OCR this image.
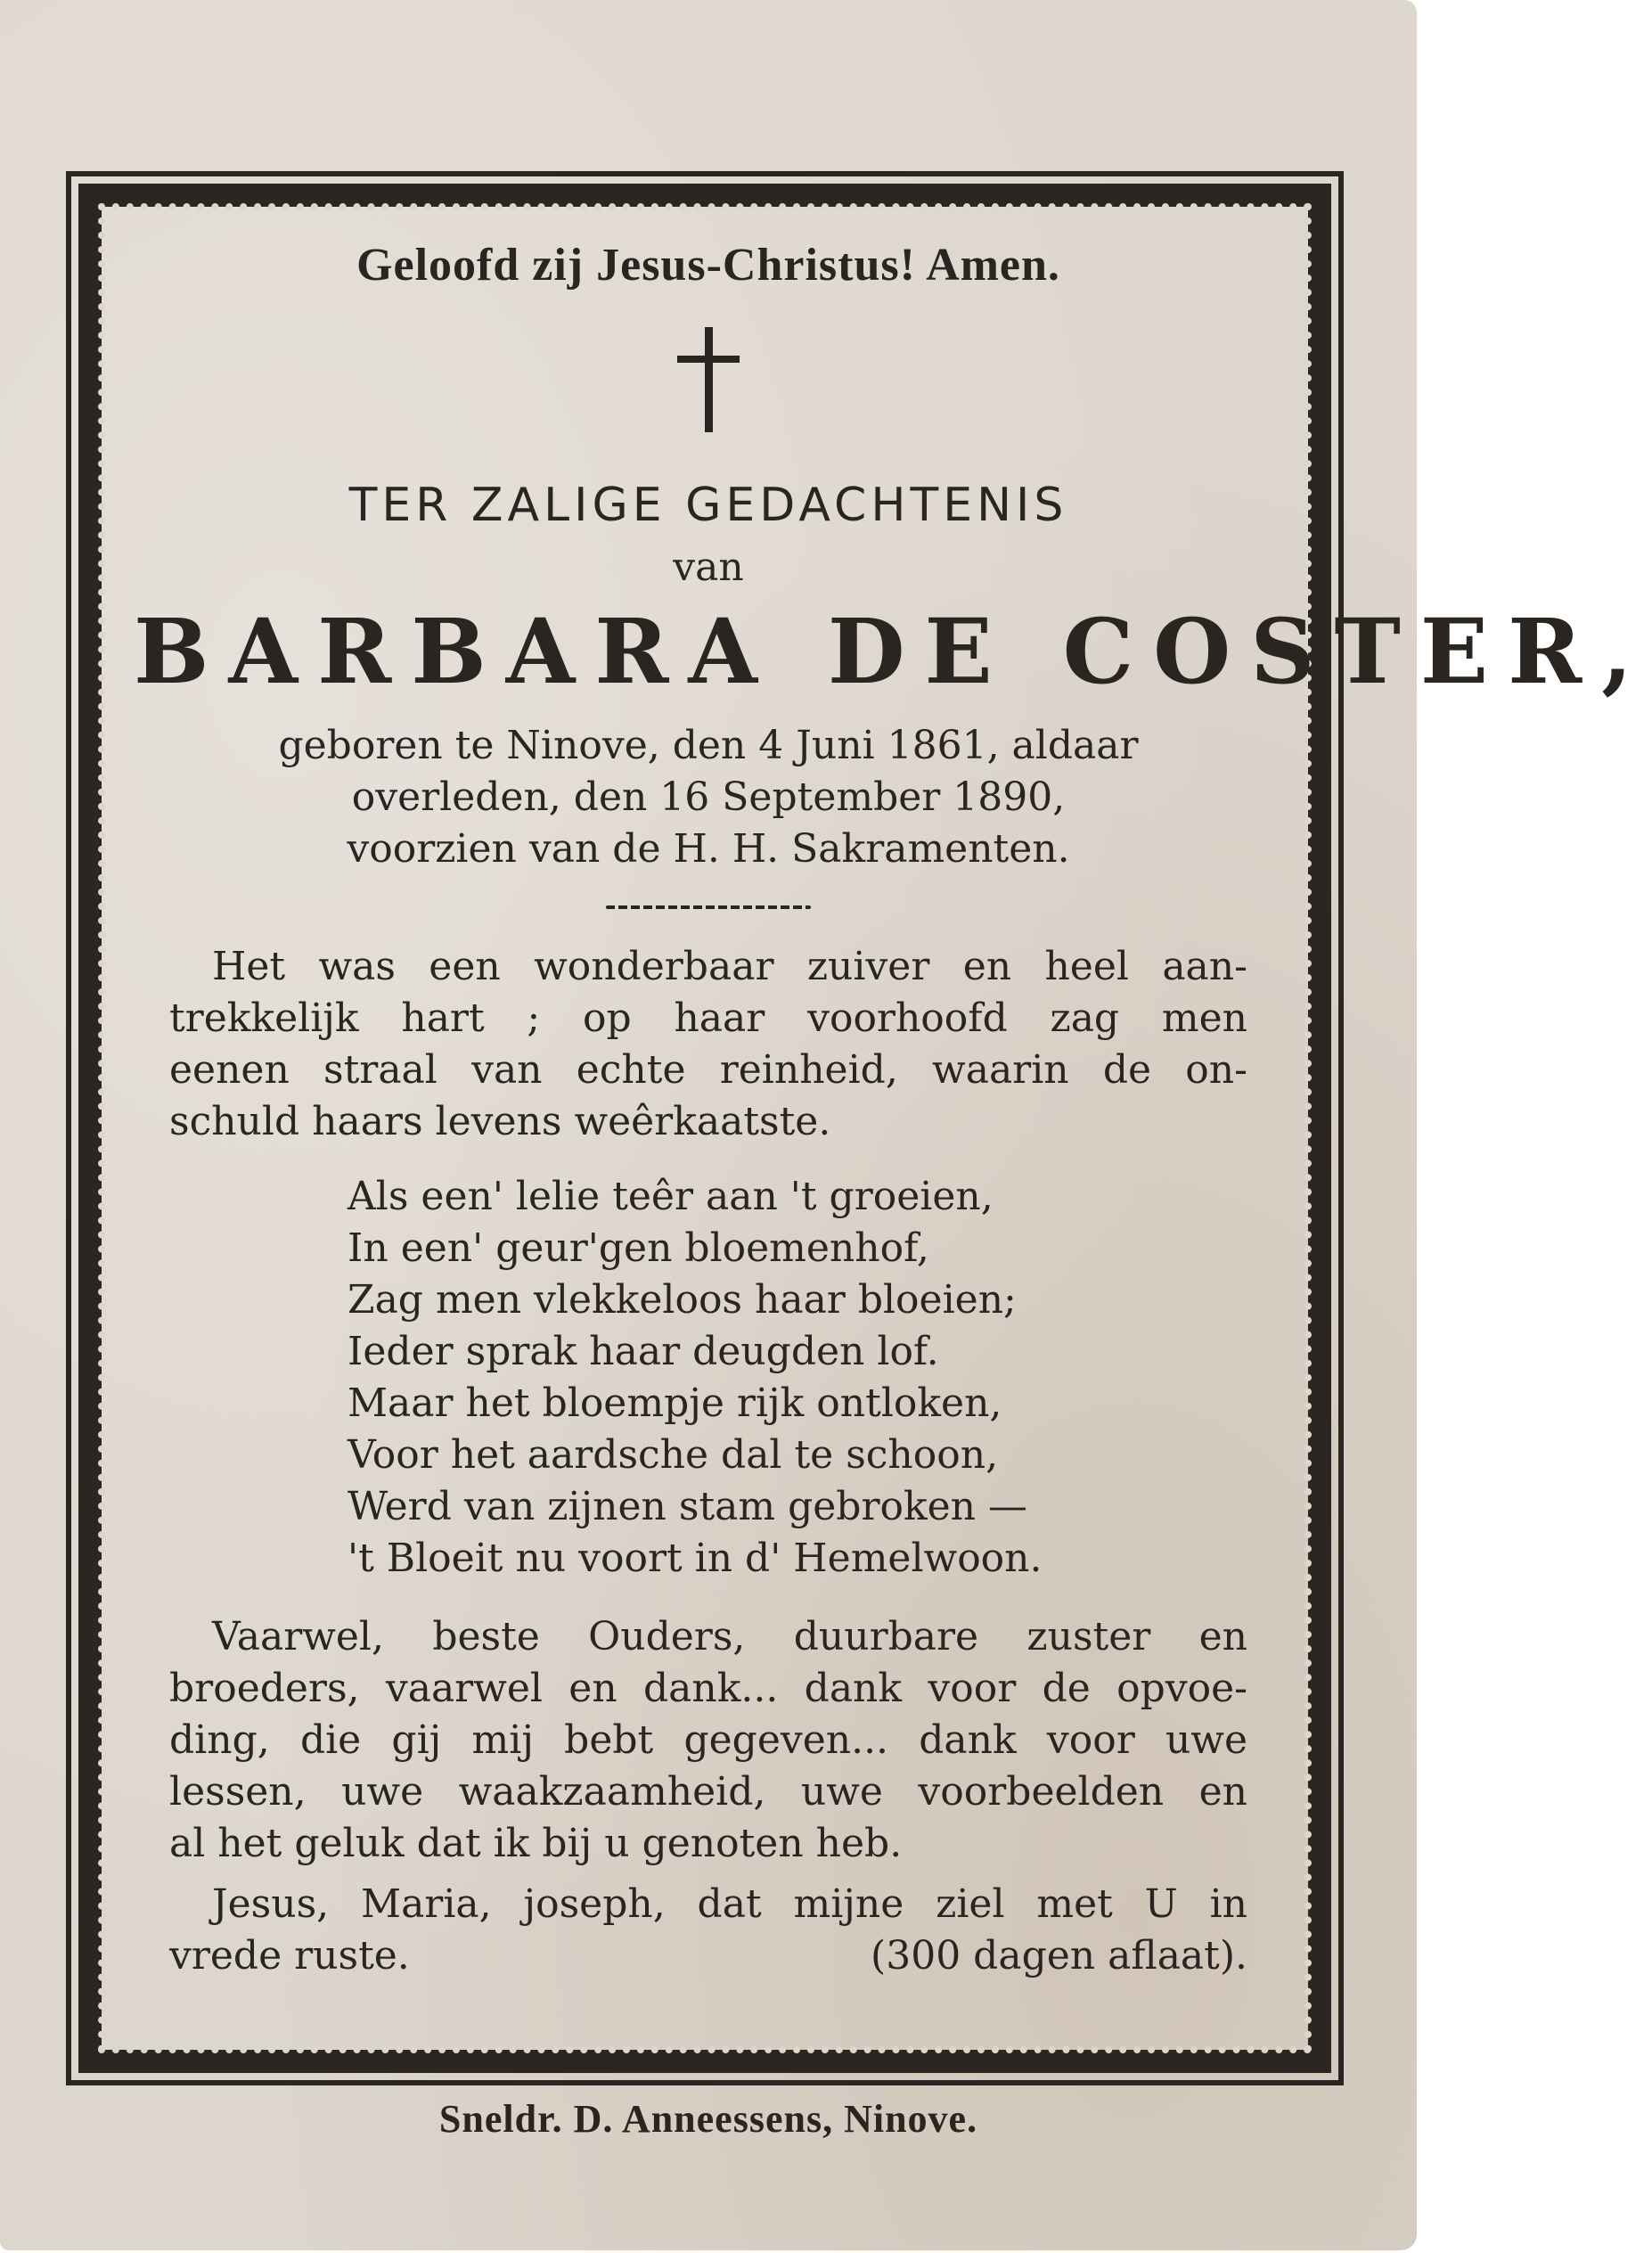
Geloofd zij Jesus-Christus! Amen.

TER ZALIGE GEDACHTENIS

van

BARBARA DE COSTER,

geboren te Ninove, den 4 Juni 1861, aldaar
overleden, den 16 September 1890,
voorzien van de H. H. Sakramenten.
Het was een wonderbaar zuiver en heel aan-
trekkelijk hart ; op haar voorhoofd zag men
eenen straal van echte reinheid, waarin de on-
schuld haars levens weêrkaatste.
Als een' lelie teêr aan 't groeien,
In een' geur'gen bloemenhof,
Zag men vlekkeloos haar bloeien;
Ieder sprak haar deugden lof.
Maar het bloempje rijk ontloken,
Voor het aardsche dal te schoon,
Werd van zijnen stam gebroken —
't Bloeit nu voort in d' Hemelwoon.
Vaarwel, beste Ouders, duurbare zuster en
broeders, vaarwel en dank... dank voor de opvoe-
ding, die gij mij bebt gegeven... dank voor uwe
lessen, uwe waakzaamheid, uwe voorbeelden en
al het geluk dat ik bij u genoten heb.
Jesus, Maria, joseph, dat mijne ziel met U in
vrede ruste.	(300 dagen aflaat).
Sneldr. D. Anneessens, Ninove.
